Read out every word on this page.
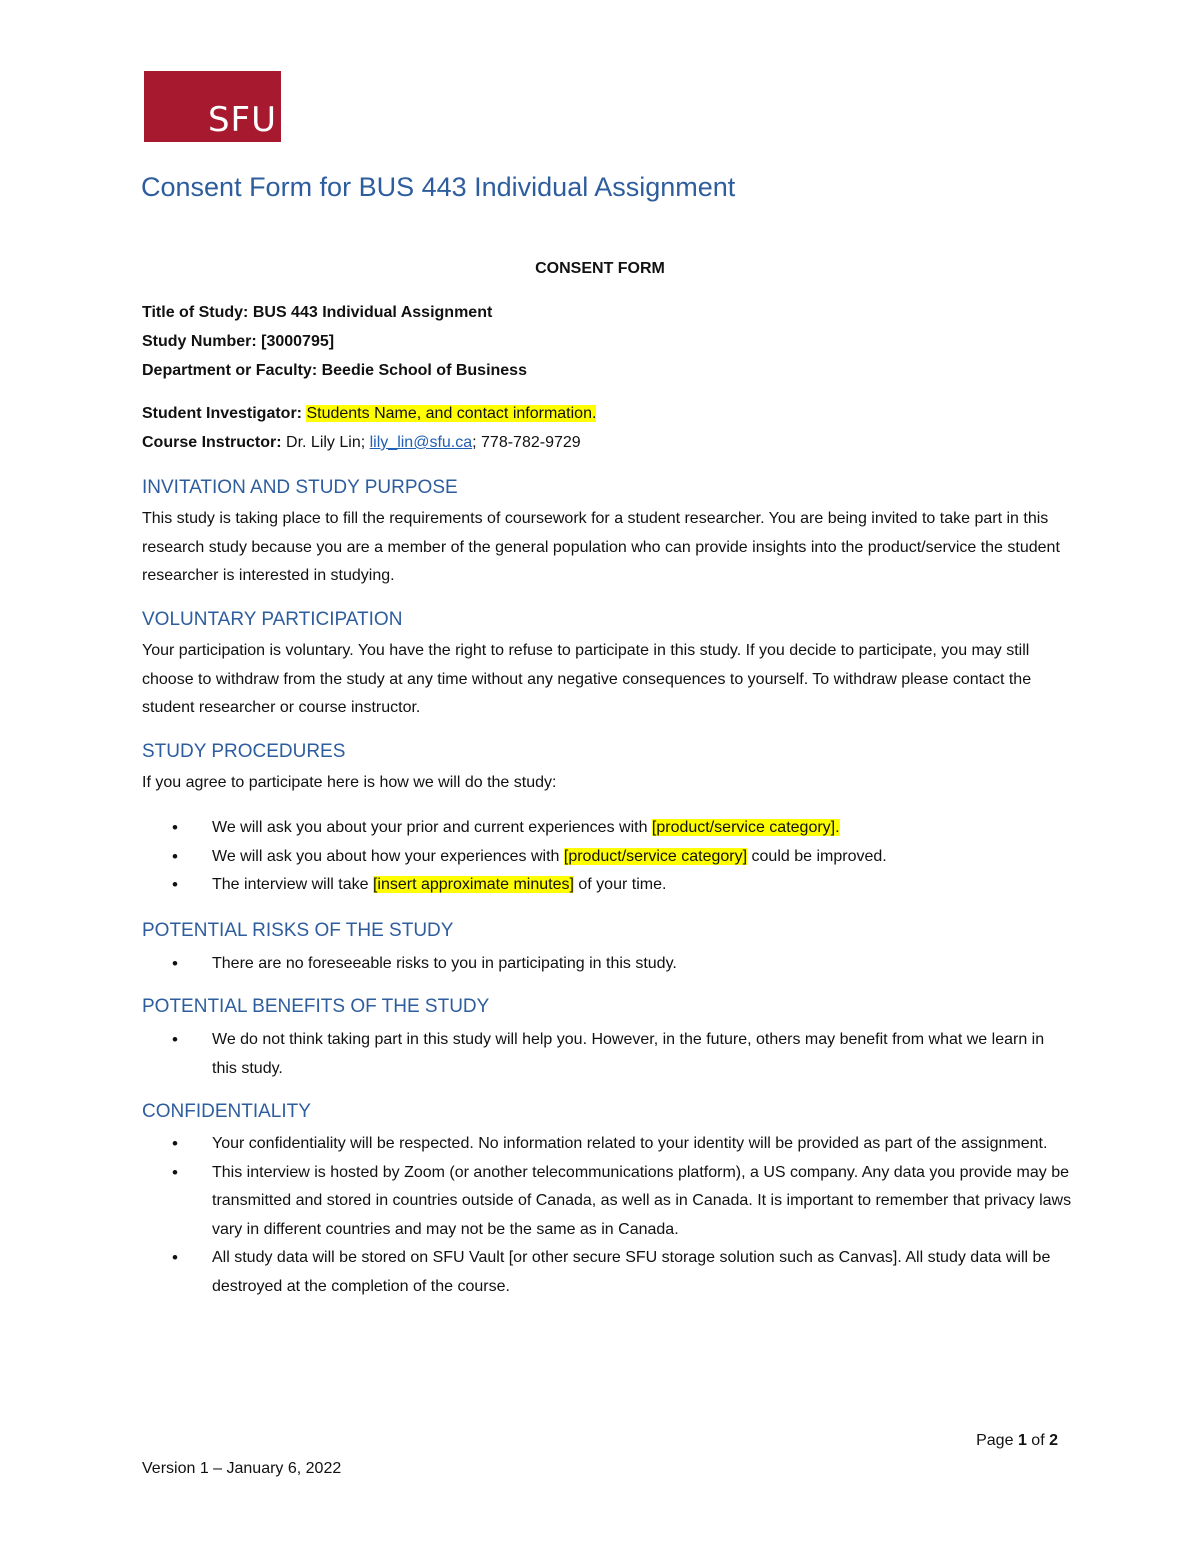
SFU
Consent Form for BUS 443 Individual Assignment
CONSENT FORM
Title of Study: BUS 443 Individual Assignment
Study Number: [3000795]
Department or Faculty: Beedie School of Business
Student Investigator: Students Name, and contact information.
Course Instructor: Dr. Lily Lin; lily_lin@sfu.ca; 778-782-9729
INVITATION AND STUDY PURPOSE

This study is taking place to fill the requirements of coursework for a student researcher. You are being invited to take part in this research study because you are a member of the general population who can provide insights into the product/service the student researcher is interested in studying.

VOLUNTARY PARTICIPATION

Your participation is voluntary. You have the right to refuse to participate in this study. If you decide to participate, you may still choose to withdraw from the study at any time without any negative consequences to yourself. To withdraw please contact the student researcher or course instructor.

STUDY PROCEDURES

If you agree to participate here is how we will do the study:

• We will ask you about your prior and current experiences with [product/service category].
• We will ask you about how your experiences with [product/service category] could be improved.
• The interview will take [insert approximate minutes] of your time.
POTENTIAL RISKS OF THE STUDY
• There are no foreseeable risks to you in participating in this study.
POTENTIAL BENEFITS OF THE STUDY
• We do not think taking part in this study will help you. However, in the future, others may benefit from what we learn in this study.
CONFIDENTIALITY
• Your confidentiality will be respected. No information related to your identity will be provided as part of the assignment.
• This interview is hosted by Zoom (or another telecommunications platform), a US company. Any data you provide may be transmitted and stored in countries outside of Canada, as well as in Canada. It is important to remember that privacy laws vary in different countries and may not be the same as in Canada.
• All study data will be stored on SFU Vault [or other secure SFU storage solution such as Canvas]. All study data will be destroyed at the completion of the course.
Page 1 of 2
Version 1 – January 6, 2022
